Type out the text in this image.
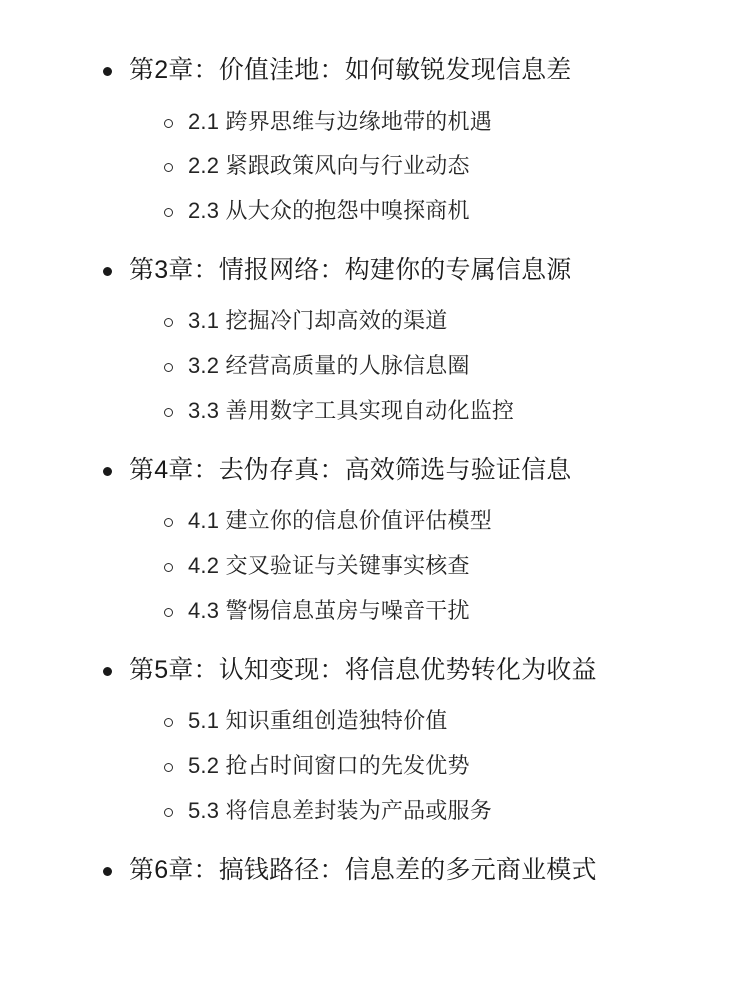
第2章：价值洼地：如何敏锐发现信息差
2.1 跨界思维与边缘地带的机遇
2.2 紧跟政策风向与行业动态
2.3 从大众的抱怨中嗅探商机
第3章：情报网络：构建你的专属信息源
3.1 挖掘冷门却高效的渠道
3.2 经营高质量的人脉信息圈
3.3 善用数字工具实现自动化监控
第4章：去伪存真：高效筛选与验证信息
4.1 建立你的信息价值评估模型
4.2 交叉验证与关键事实核查
4.3 警惕信息茧房与噪音干扰
第5章：认知变现：将信息优势转化为收益
5.1 知识重组创造独特价值
5.2 抢占时间窗口的先发优势
5.3 将信息差封装为产品或服务
第6章：搞钱路径：信息差的多元商业模式
